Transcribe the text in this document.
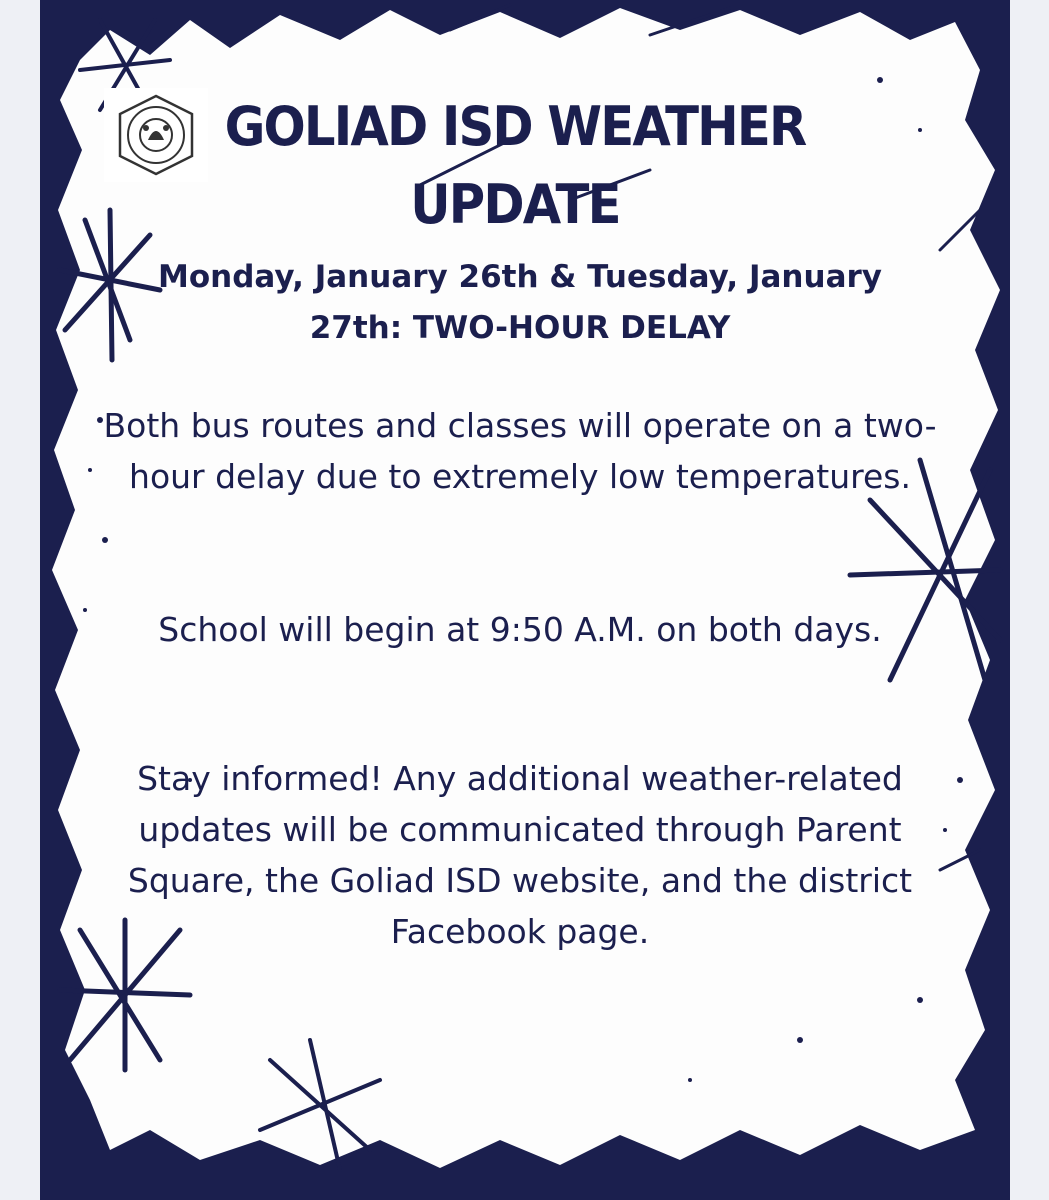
GOLIAD ISD WEATHER UPDATE
Monday, January 26th & Tuesday, January 27th: TWO-HOUR DELAY

Both bus routes and classes will operate on a two-hour delay due to extremely low temperatures.

School will begin at 9:50 A.M. on both days.

Stay informed! Any additional weather-related updates will be communicated through Parent Square, the Goliad ISD website, and the district Facebook page.
